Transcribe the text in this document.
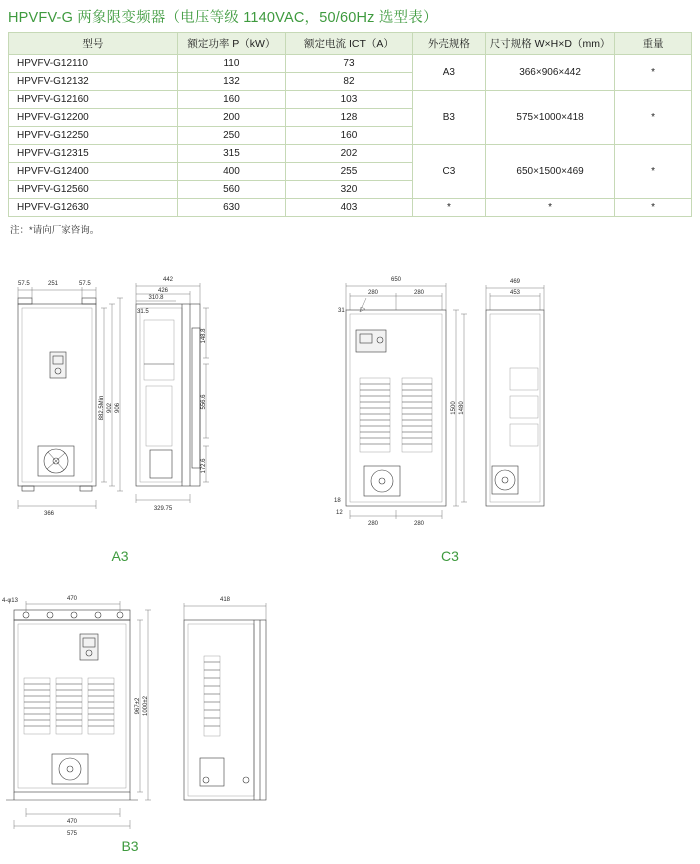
HPVFV-G 两象限变频器（电压等级 1140VAC，50/60Hz 选型表）
型号	额定功率 P（kW）	额定电流 ICT（A）	外壳规格	尺寸规格 W×H×D（mm）	重量
HPVFV-G12110	110	73	A3	366×906×442	*
HPVFV-G12132	132	82			
HPVFV-G12160	160	103	B3	575×1000×418	*
HPVFV-G12200	200	128			
HPVFV-G12250	250	160			
HPVFV-G12315	315	202	C3	650×1500×469	*
HPVFV-G12400	400	255			
HPVFV-G12560	560	320			
HPVFV-G12630	630	403	*	*	*
注：*请向厂家咨询。
57.5	251	57.5
366
882.5Min 902 906
442
426
310.8
31.5
148.8
556.6
172.6
329.75
A3
650
280	280
31
1500 1480
280	280
18
12
469
453
C3
4-φ13	470
470
575
1000±2
967±2
418
B3
